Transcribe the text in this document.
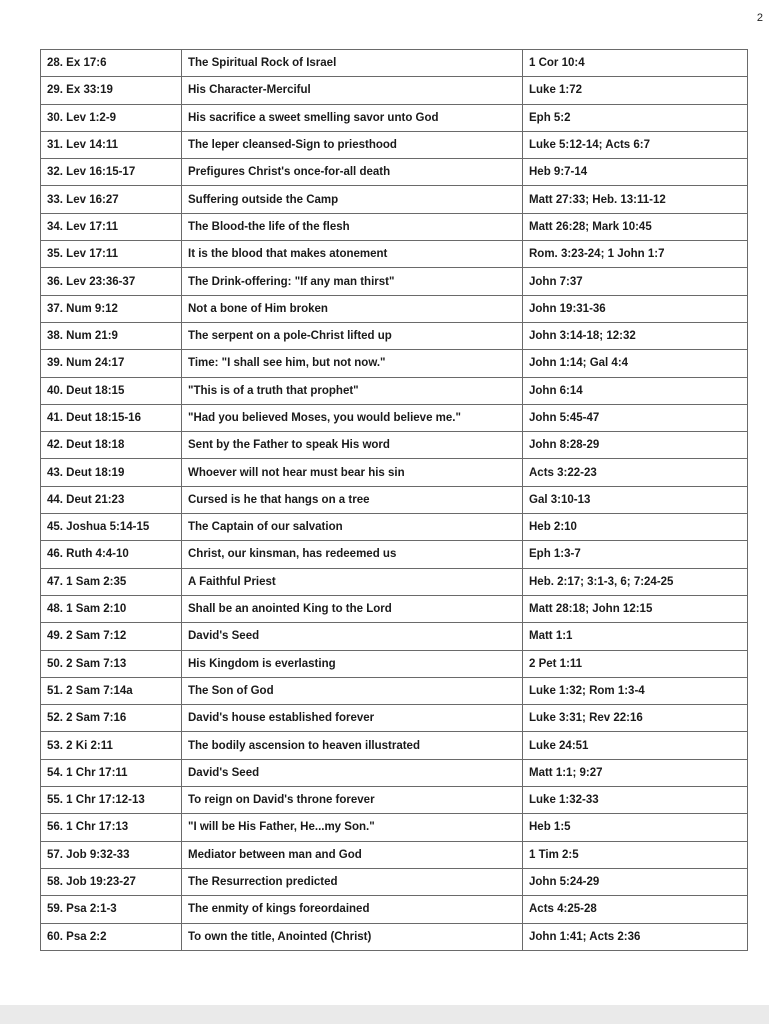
2
28. Ex 17:6	The Spiritual Rock of Israel	1 Cor 10:4
29. Ex 33:19	His Character-Merciful	Luke 1:72
30. Lev 1:2-9	His sacrifice a sweet smelling savor unto God	Eph 5:2
31. Lev 14:11	The leper cleansed-Sign to priesthood	Luke 5:12-14; Acts 6:7
32. Lev 16:15-17	Prefigures Christ's once-for-all death	Heb 9:7-14
33. Lev 16:27	Suffering outside the Camp	Matt 27:33; Heb. 13:11-12
34. Lev 17:11	The Blood-the life of the flesh	Matt 26:28; Mark 10:45
35. Lev 17:11	It is the blood that makes atonement	Rom. 3:23-24; 1 John 1:7
36. Lev 23:36-37	The Drink-offering: "If any man thirst"	John 7:37
37. Num 9:12	Not a bone of Him broken	John 19:31-36
38. Num 21:9	The serpent on a pole-Christ lifted up	John 3:14-18; 12:32
39. Num 24:17	Time: "I shall see him, but not now."	John 1:14; Gal 4:4
40. Deut 18:15	"This is of a truth that prophet"	John 6:14
41. Deut 18:15-16	"Had you believed Moses, you would believe me."	John 5:45-47
42. Deut 18:18	Sent by the Father to speak His word	John 8:28-29
43. Deut 18:19	Whoever will not hear must bear his sin	Acts 3:22-23
44. Deut 21:23	Cursed is he that hangs on a tree	Gal 3:10-13
45. Joshua 5:14-15	The Captain of our salvation	Heb 2:10
46. Ruth 4:4-10	Christ, our kinsman, has redeemed us	Eph 1:3-7
47. 1 Sam 2:35	A Faithful Priest	Heb. 2:17; 3:1-3, 6; 7:24-25
48. 1 Sam 2:10	Shall be an anointed King to the Lord	Matt 28:18; John 12:15
49. 2 Sam 7:12	David's Seed	Matt 1:1
50. 2 Sam 7:13	His Kingdom is everlasting	2 Pet 1:11
51. 2 Sam 7:14a	The Son of God	Luke 1:32; Rom 1:3-4
52. 2 Sam 7:16	David's house established forever	Luke 3:31; Rev 22:16
53. 2 Ki 2:11	The bodily ascension to heaven illustrated	Luke 24:51
54. 1 Chr 17:11	David's Seed	Matt 1:1; 9:27
55. 1 Chr 17:12-13	To reign on David's throne forever	Luke 1:32-33
56. 1 Chr 17:13	"I will be His Father, He...my Son."	Heb 1:5
57. Job 9:32-33	Mediator between man and God	1 Tim 2:5
58. Job 19:23-27	The Resurrection predicted	John 5:24-29
59. Psa 2:1-3	The enmity of kings foreordained	Acts 4:25-28
60. Psa 2:2	To own the title, Anointed (Christ)	John 1:41; Acts 2:36
